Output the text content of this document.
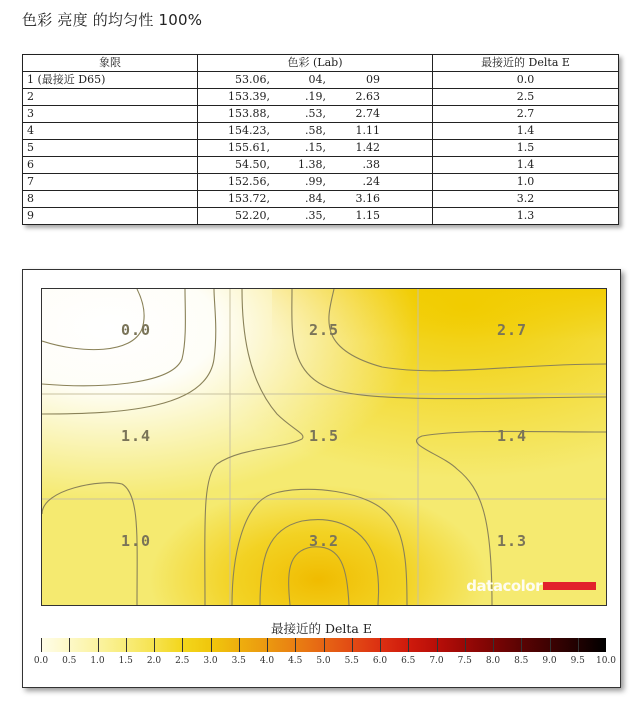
色彩 亮度 的均匀性 100%
象限	色彩 (Lab)	最接近的 Delta E
1 (最接近 D65)	53.06, 04, 09	0.0
2	153.39, .19, 2.63	2.5
3	153.88, .53, 2.74	2.7
4	154.23, .58, 1.11	1.4
5	155.61, .15, 1.42	1.5
6	54.50, 1.38, .38	1.4
7	152.56, .99, .24	1.0
8	153.72, .84, 3.16	3.2
9	52.20, .35, 1.15	1.3
0.0	2.5	2.7
1.4	1.5	1.4
1.0	3.2	1.3
datacolor
最接近的 Delta E
0.0 0.5 1.0 1.5 2.0 2.5 3.0 3.5 4.0 4.5 5.0 5.5 6.0 6.5 7.0 7.5 8.0 8.5 9.0 9.5 10.0
